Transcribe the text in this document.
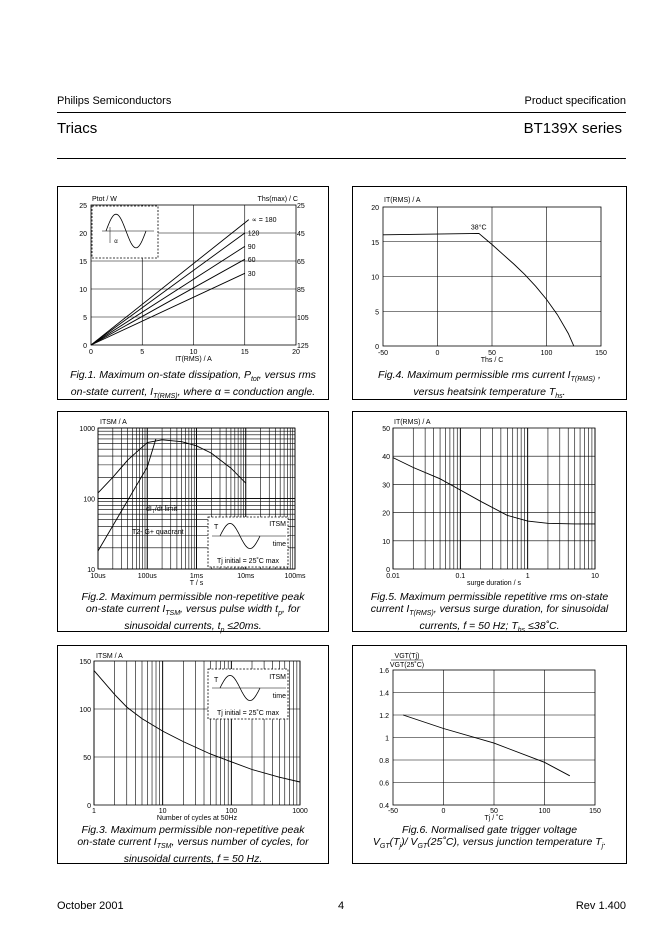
Philips Semiconductors	Product specification
Triacs	BT139X series
0	5	10	15	20
0
5
10
15
20
25
125
105
85
65
45
25
Ptot / W	Ths(max) / C
IT(RMS) / A
∝ = 180
120
90
60
30
α
Fig.1. Maximum on-state dissipation, $P_{tot}$, versus rms
on-state current, $I_{T(RMS)}$, where α = conduction angle.
-50	0	50	100	150
0
5
10
15
20
IT(RMS) / A
Ths / C
38°C
Fig.4. Maximum permissible rms current $I_{T(RMS)}$ ,
versus heatsink temperature $T_{hs}$.
10us	100us	1ms	10ms	100ms
10
100
1000
ITSM / A
T / s
$dI_T/dt$ limit
T2- G+ quadrant
T	ITSM
time
Tj initial = 25˚C max
Fig.2. Maximum permissible non-repetitive peak
on-state current $I_{TSM}$, versus pulse width $t_p$, for
sinusoidal currents, $t_p \le 20ms$.
0.01	0.1	1	10
0
10
20
30
40
50
IT(RMS) / A
surge duration / s
Fig.5. Maximum permissible repetitive rms on-state
current $I_{T(RMS)}$, versus surge duration, for sinusoidal
currents, f = 50 Hz; $T_{hs}$ ≤38˚C.
1	10	100	1000
0
50
100
150
ITSM / A
Number of cycles at 50Hz
T	ITSM
time
Tj initial = 25˚C max
Fig.3. Maximum permissible non-repetitive peak
on-state current $I_{TSM}$, versus number of cycles, for
sinusoidal currents, f = 50 Hz.
-50	0	50	100	150
0.4
0.6
0.8
1
1.2
1.4
1.6
VGT(Tj)
VGT(25˚C)
Tj / ˚C
Fig.6. Normalised gate trigger voltage
$V_{GT}(T_j)/$ $V_{GT}(25˚C)$, versus junction temperature $T_j$.
October 2001	4	Rev 1.400
